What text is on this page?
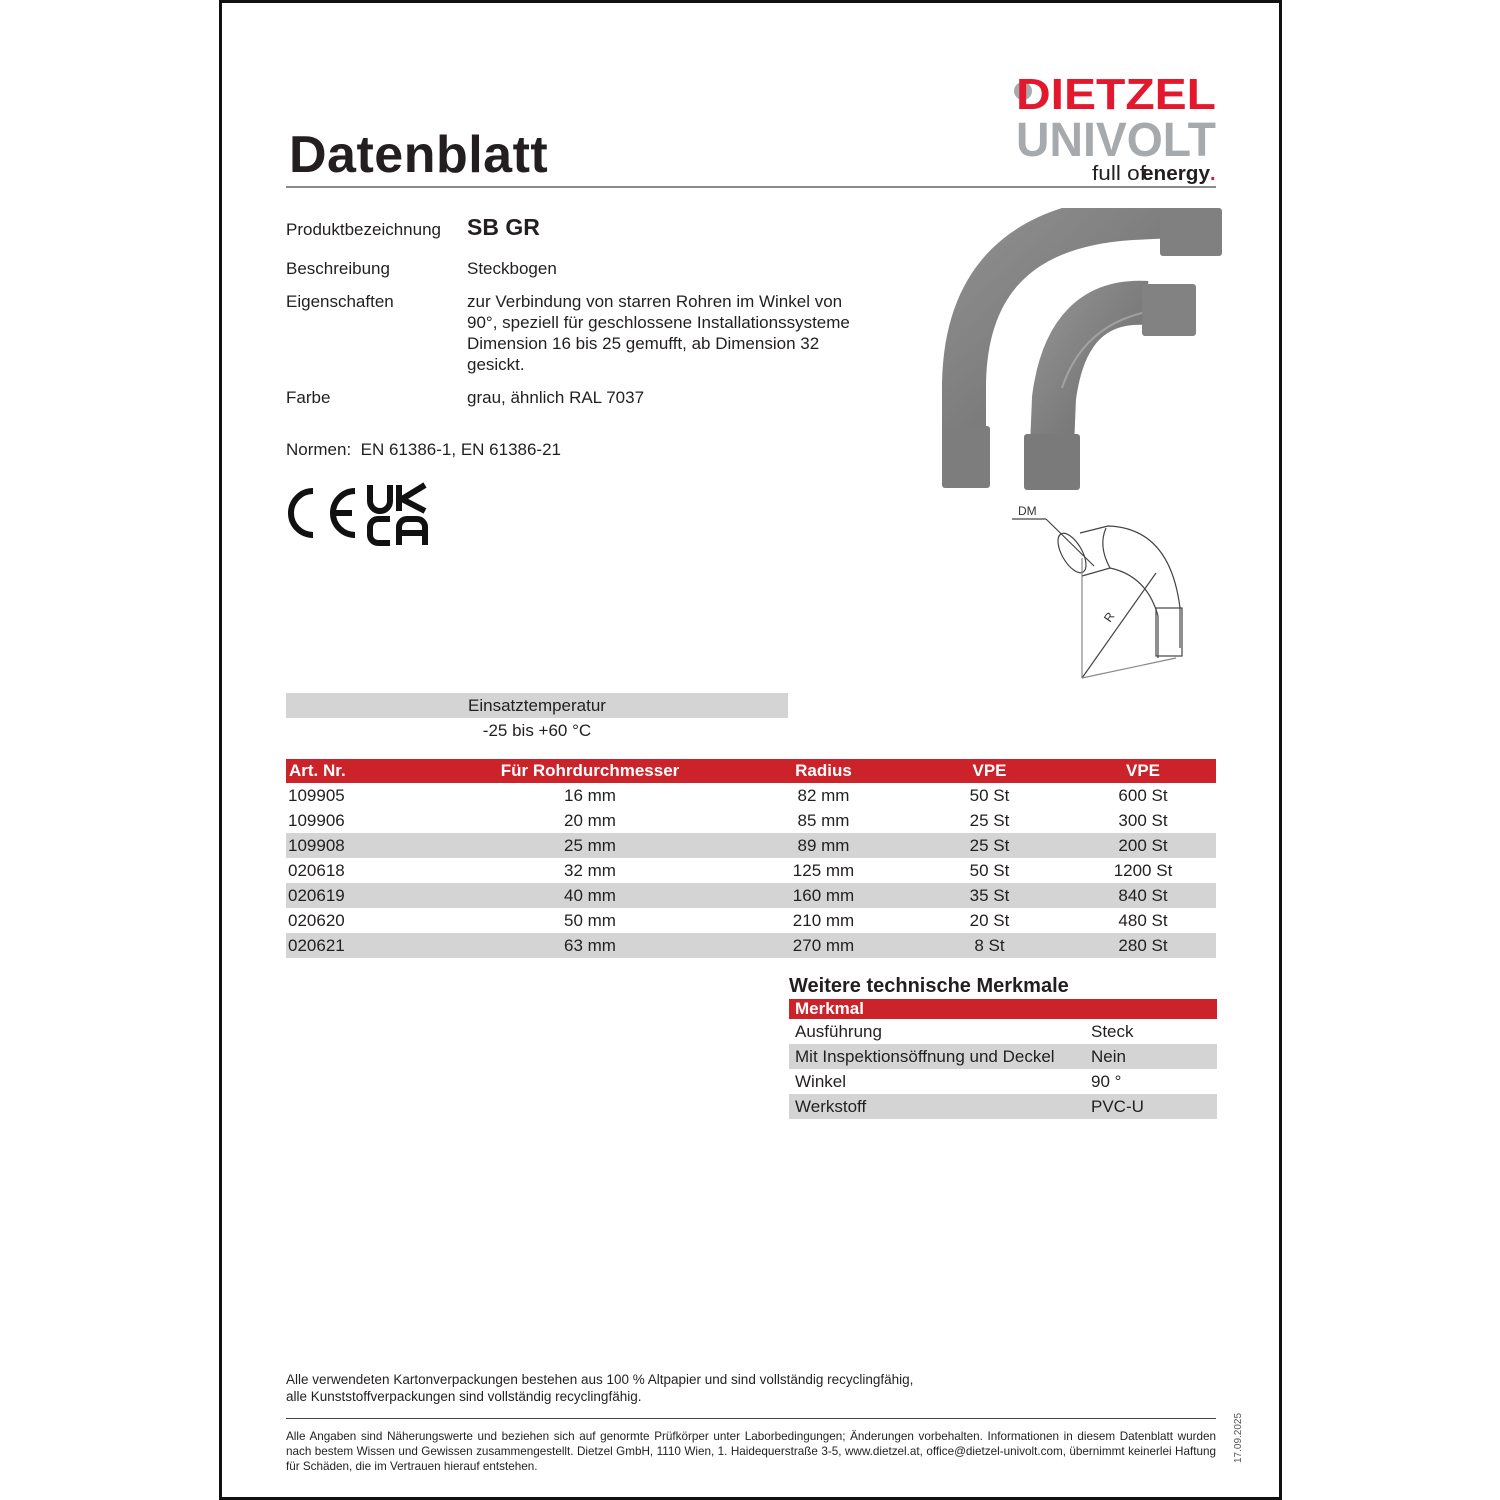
Datenblatt
DIETZEL
UNIVOLT
full of
energy .
Produktbezeichnung SB GR
Beschreibung	Steckbogen
Eigenschaften	zur Verbindung von starren Rohren im Winkel von
90°, speziell für geschlossene Installationssysteme
Dimension 16 bis 25 gemufft, ab Dimension 32
gesickt.
Farbe	grau, ähnlich RAL 7037
Normen: EN 61386-1, EN 61386-21
DM
R
Einsatztemperatur
-25 bis +60 °C
Art. Nr.	Für Rohrdurchmesser	Radius	VPE	VPE
109905	16 mm	82 mm	50 St	600 St
109906	20 mm	85 mm	25 St	300 St
109908	25 mm	89 mm	25 St	200 St
020618	32 mm	125 mm	50 St	1200 St
020619	40 mm	160 mm	35 St	840 St
020620	50 mm	210 mm	20 St	480 St
020621	63 mm	270 mm	8 St	280 St
Weitere technische Merkmale
Merkmal	
Ausführung	Steck
Mit Inspektionsöffnung und Deckel	Nein
Winkel	90 °
Werkstoff	PVC-U
Alle verwendeten Kartonverpackungen bestehen aus 100 % Altpapier und sind vollständig recyclingfähig,
alle Kunststoffverpackungen sind vollständig recyclingfähig.
Alle Angaben sind Näherungswerte und beziehen sich auf genormte Prüfkörper unter Laborbedingungen; Änderungen vorbehalten. Informationen in diesem Datenblatt wurden nach bestem Wissen und Gewissen zusammengestellt. Dietzel GmbH, 1110 Wien, 1. Haidequerstraße 3-5, www.dietzel.at, office@dietzel-univolt.com, übernimmt keinerlei Haftung für Schäden, die im Vertrauen hierauf entstehen.
17.09.2025
